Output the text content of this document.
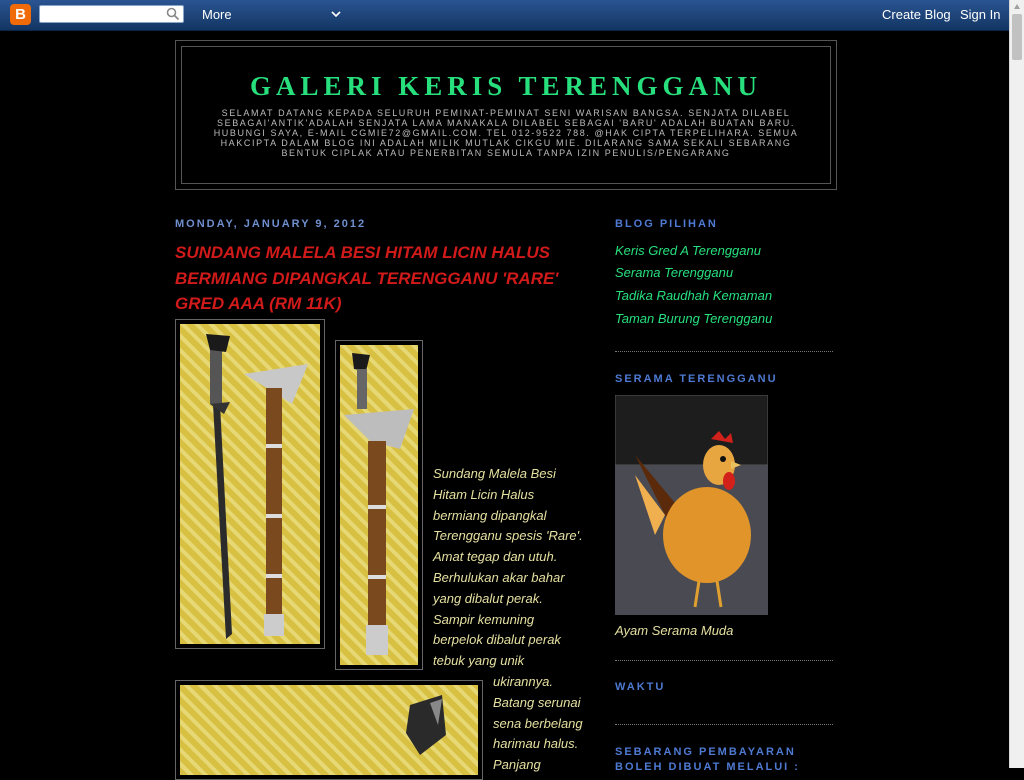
B	More	Create Blog Sign In
GALERI KERIS TERENGGANU
SELAMAT DATANG KEPADA SELURUH PEMINAT-PEMINAT SENI WARISAN BANGSA. SENJATA DILABEL SEBAGAI'ANTIK'ADALAH SENJATA LAMA MANAKALA DILABEL SEBAGAI 'BARU' ADALAH BUATAN BARU. HUBUNGI SAYA, E-MAIL CGMIE72@GMAIL.COM. TEL 012-9522 788. @HAK CIPTA TERPELIHARA. SEMUA HAKCIPTA DALAM BLOG INI ADALAH MILIK MUTLAK CIKGU MIE. DILARANG SAMA SEKALI SEBARANG BENTUK CIPLAK ATAU PENERBITAN SEMULA TANPA IZIN PENULIS/PENGARANG
MONDAY, JANUARY 9, 2012
SUNDANG MALELA BESI HITAM LICIN HALUS BERMIANG DIPANGKAL TERENGGANU 'RARE' GRED AAA (RM 11K)
Sundang Malela Besi
Hitam Licin Halus
bermiang dipangkal
Terengganu spesis 'Rare'.
Amat tegap dan utuh.
Berhulukan akar bahar
yang dibalut perak.
Sampir kemuning
berpelok dibalut perak
tebuk yang unik
ukirannya.
Batang serunai
sena berbelang
harimau halus.
Panjang
BLOG PILIHAN
Keris Gred A Terengganu
Serama Terengganu
Tadika Raudhah Kemaman
Taman Burung Terengganu
SERAMA TERENGGANU
Ayam Serama Muda
WAKTU
SEBARANG PEMBAYARAN BOLEH DIBUAT MELALUI :
